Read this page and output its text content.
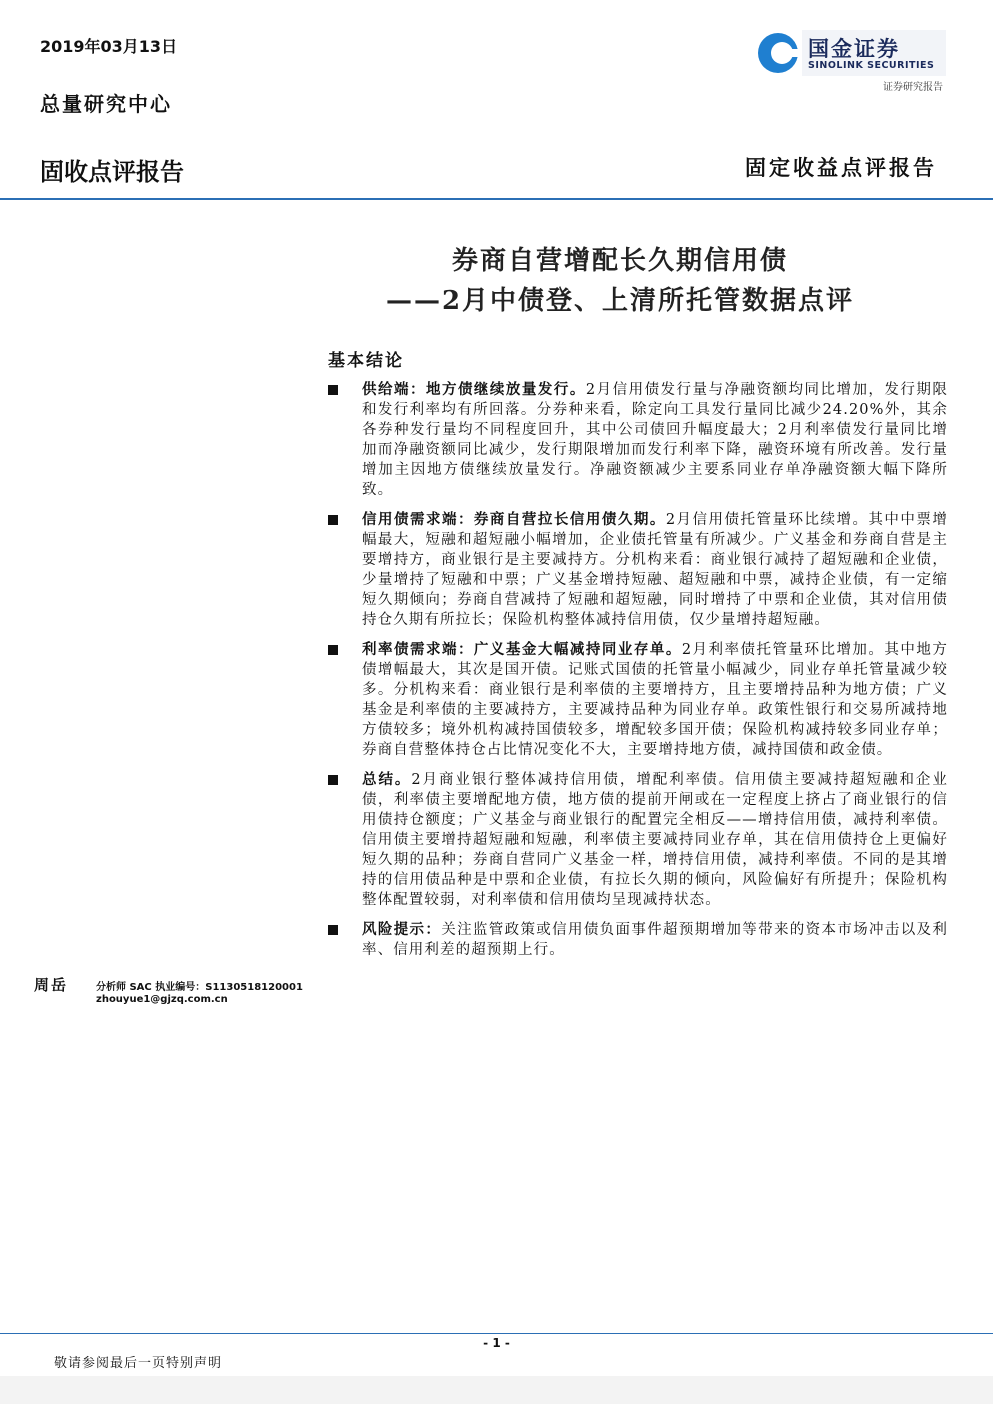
2019年03月13日
总量研究中心
固收点评报告	固定收益点评报告
国金证券
SINOLINK SECURITIES
证券研究报告
券商自营增配长久期信用债
——2月中债登、上清所托管数据点评
基本结论
供给端：地方债继续放量发行。2月信用债发行量与净融资额均同比增加，发行期限和发行利率均有所回落。分券种来看，除定向工具发行量同比减少24.20%外，其余各券种发行量均不同程度回升，其中公司债回升幅度最大；2月利率债发行量同比增加而净融资额同比减少，发行期限增加而发行利率下降，融资环境有所改善。发行量增加主因地方债继续放量发行。净融资额减少主要系同业存单净融资额大幅下降所致。
信用债需求端：券商自营拉长信用债久期。2月信用债托管量环比续增。其中中票增幅最大，短融和超短融小幅增加，企业债托管量有所减少。广义基金和券商自营是主要增持方，商业银行是主要减持方。分机构来看：商业银行减持了超短融和企业债，少量增持了短融和中票；广义基金增持短融、超短融和中票，减持企业债，有一定缩短久期倾向；券商自营减持了短融和超短融，同时增持了中票和企业债，其对信用债持仓久期有所拉长；保险机构整体减持信用债，仅少量增持超短融。
利率债需求端：广义基金大幅减持同业存单。2月利率债托管量环比增加。其中地方债增幅最大，其次是国开债。记账式国债的托管量小幅减少，同业存单托管量减少较多。分机构来看：商业银行是利率债的主要增持方，且主要增持品种为地方债；广义基金是利率债的主要减持方，主要减持品种为同业存单。政策性银行和交易所减持地方债较多；境外机构减持国债较多，增配较多国开债；保险机构减持较多同业存单；券商自营整体持仓占比情况变化不大，主要增持地方债，减持国债和政金债。
总结。2月商业银行整体减持信用债，增配利率债。信用债主要减持超短融和企业债，利率债主要增配地方债，地方债的提前开闸或在一定程度上挤占了商业银行的信用债持仓额度；广义基金与商业银行的配置完全相反——增持信用债，减持利率债。信用债主要增持超短融和短融，利率债主要减持同业存单，其在信用债持仓上更偏好短久期的品种；券商自营同广义基金一样，增持信用债，减持利率债。不同的是其增持的信用债品种是中票和企业债，有拉长久期的倾向，风险偏好有所提升；保险机构整体配置较弱，对利率债和信用债均呈现减持状态。
风险提示：关注监管政策或信用债负面事件超预期增加等带来的资本市场冲击以及利率、信用利差的超预期上行。
周岳	分析师 SAC 执业编号：S1130518120001
zhouyue1@gjzq.com.cn
- 1 -
敬请参阅最后一页特别声明
